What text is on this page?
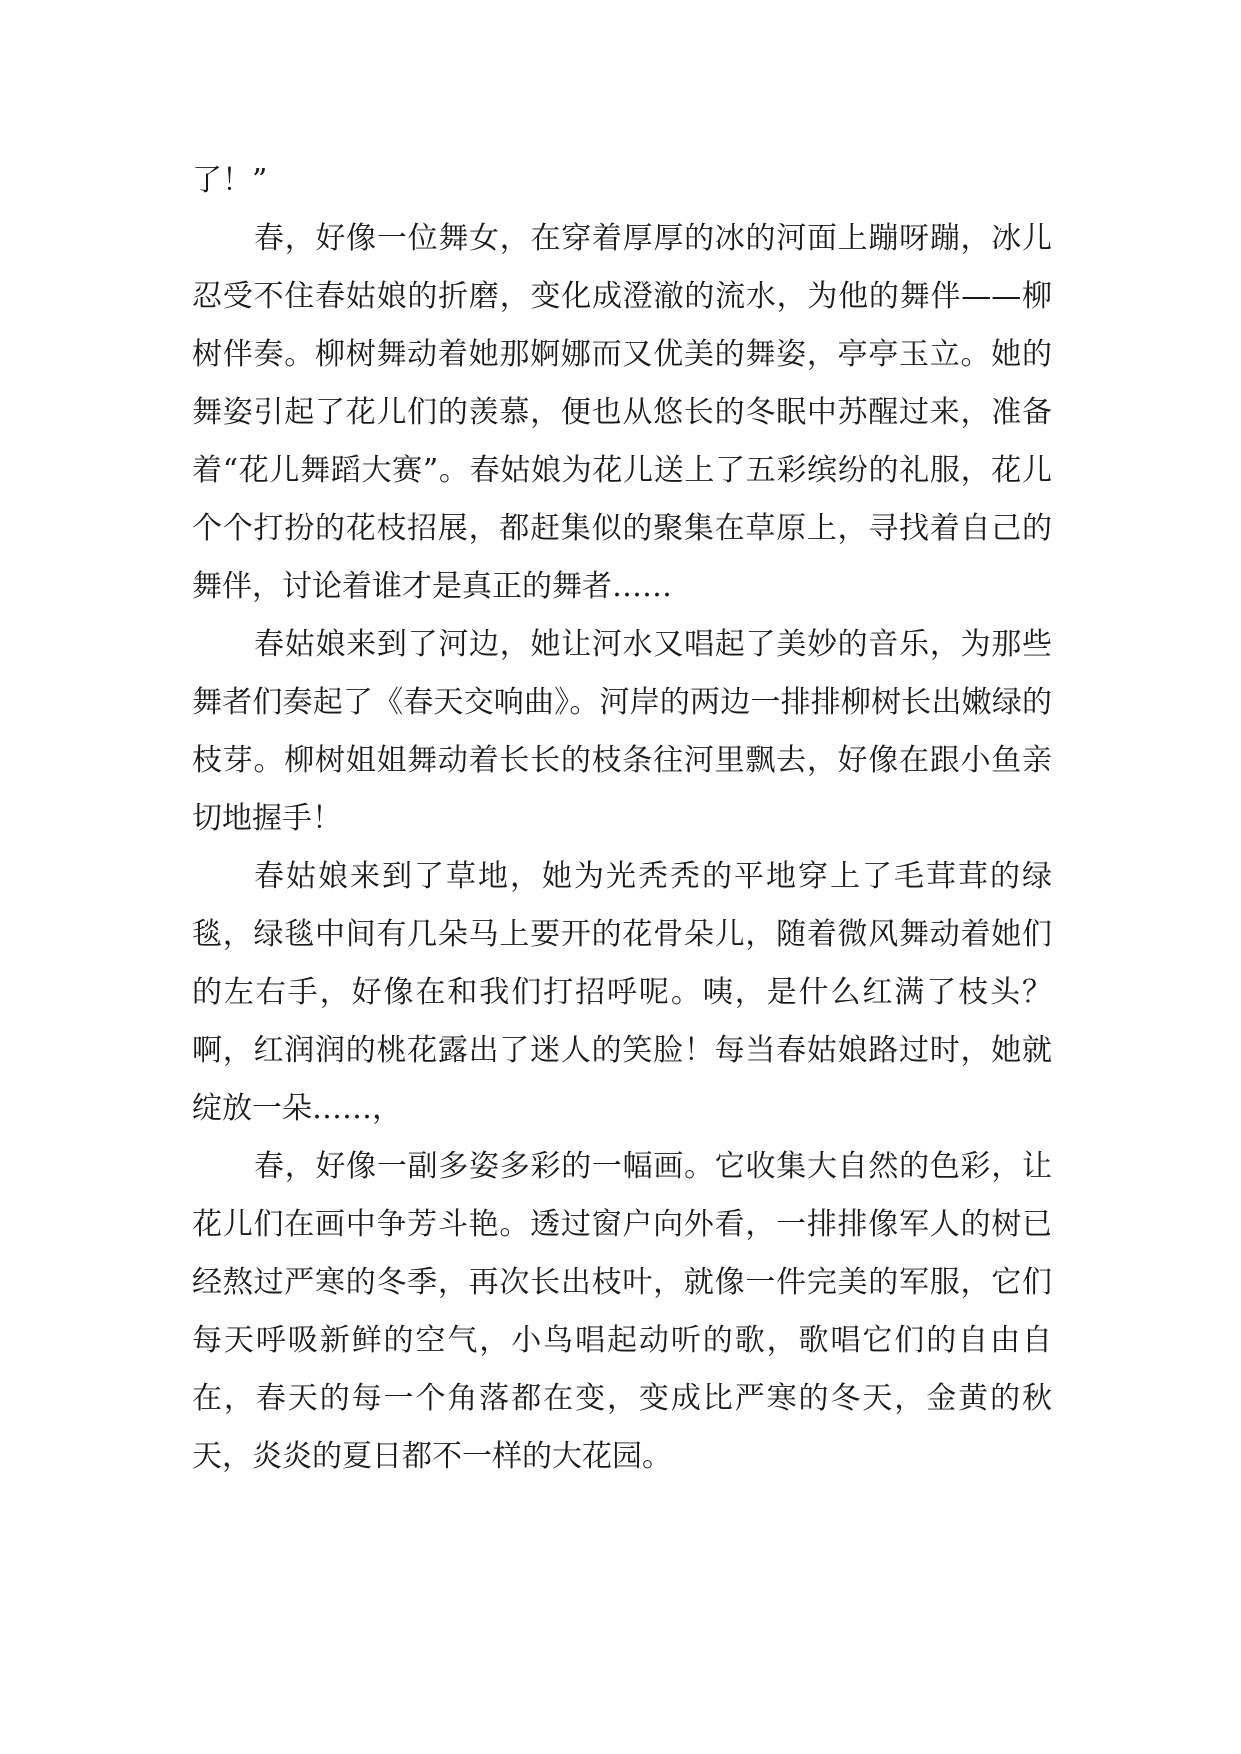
了！”

春，好像一位舞女，在穿着厚厚的冰的河面上蹦呀蹦，冰儿忍受不住春姑娘的折磨，变化成澄澈的流水，为他的舞伴——柳树伴奏。柳树舞动着她那婀娜而又优美的舞姿，亭亭玉立。她的舞姿引起了花儿们的羡慕，便也从悠长的冬眠中苏醒过来，准备着“花儿舞蹈大赛”。春姑娘为花儿送上了五彩缤纷的礼服，花儿个个打扮的花枝招展，都赶集似的聚集在草原上，寻找着自己的舞伴，讨论着谁才是真正的舞者……

春姑娘来到了河边，她让河水又唱起了美妙的音乐，为那些舞者们奏起了《春天交响曲》。河岸的两边一排排柳树长出嫩绿的枝芽。柳树姐姐舞动着长长的枝条往河里飘去，好像在跟小鱼亲切地握手！

春姑娘来到了草地，她为光秃秃的平地穿上了毛茸茸的绿毯，绿毯中间有几朵马上要开的花骨朵儿，随着微风舞动着她们的左右手，好像在和我们打招呼呢。咦，是什么红满了枝头？啊，红润润的桃花露出了迷人的笑脸！每当春姑娘路过时，她就绽放一朵……，

春，好像一副多姿多彩的一幅画。它收集大自然的色彩，让花儿们在画中争芳斗艳。透过窗户向外看，一排排像军人的树已经熬过严寒的冬季，再次长出枝叶，就像一件完美的军服，它们每天呼吸新鲜的空气，小鸟唱起动听的歌，歌唱它们的自由自在，春天的每一个角落都在变，变成比严寒的冬天，金黄的秋天，炎炎的夏日都不一样的大花园。
